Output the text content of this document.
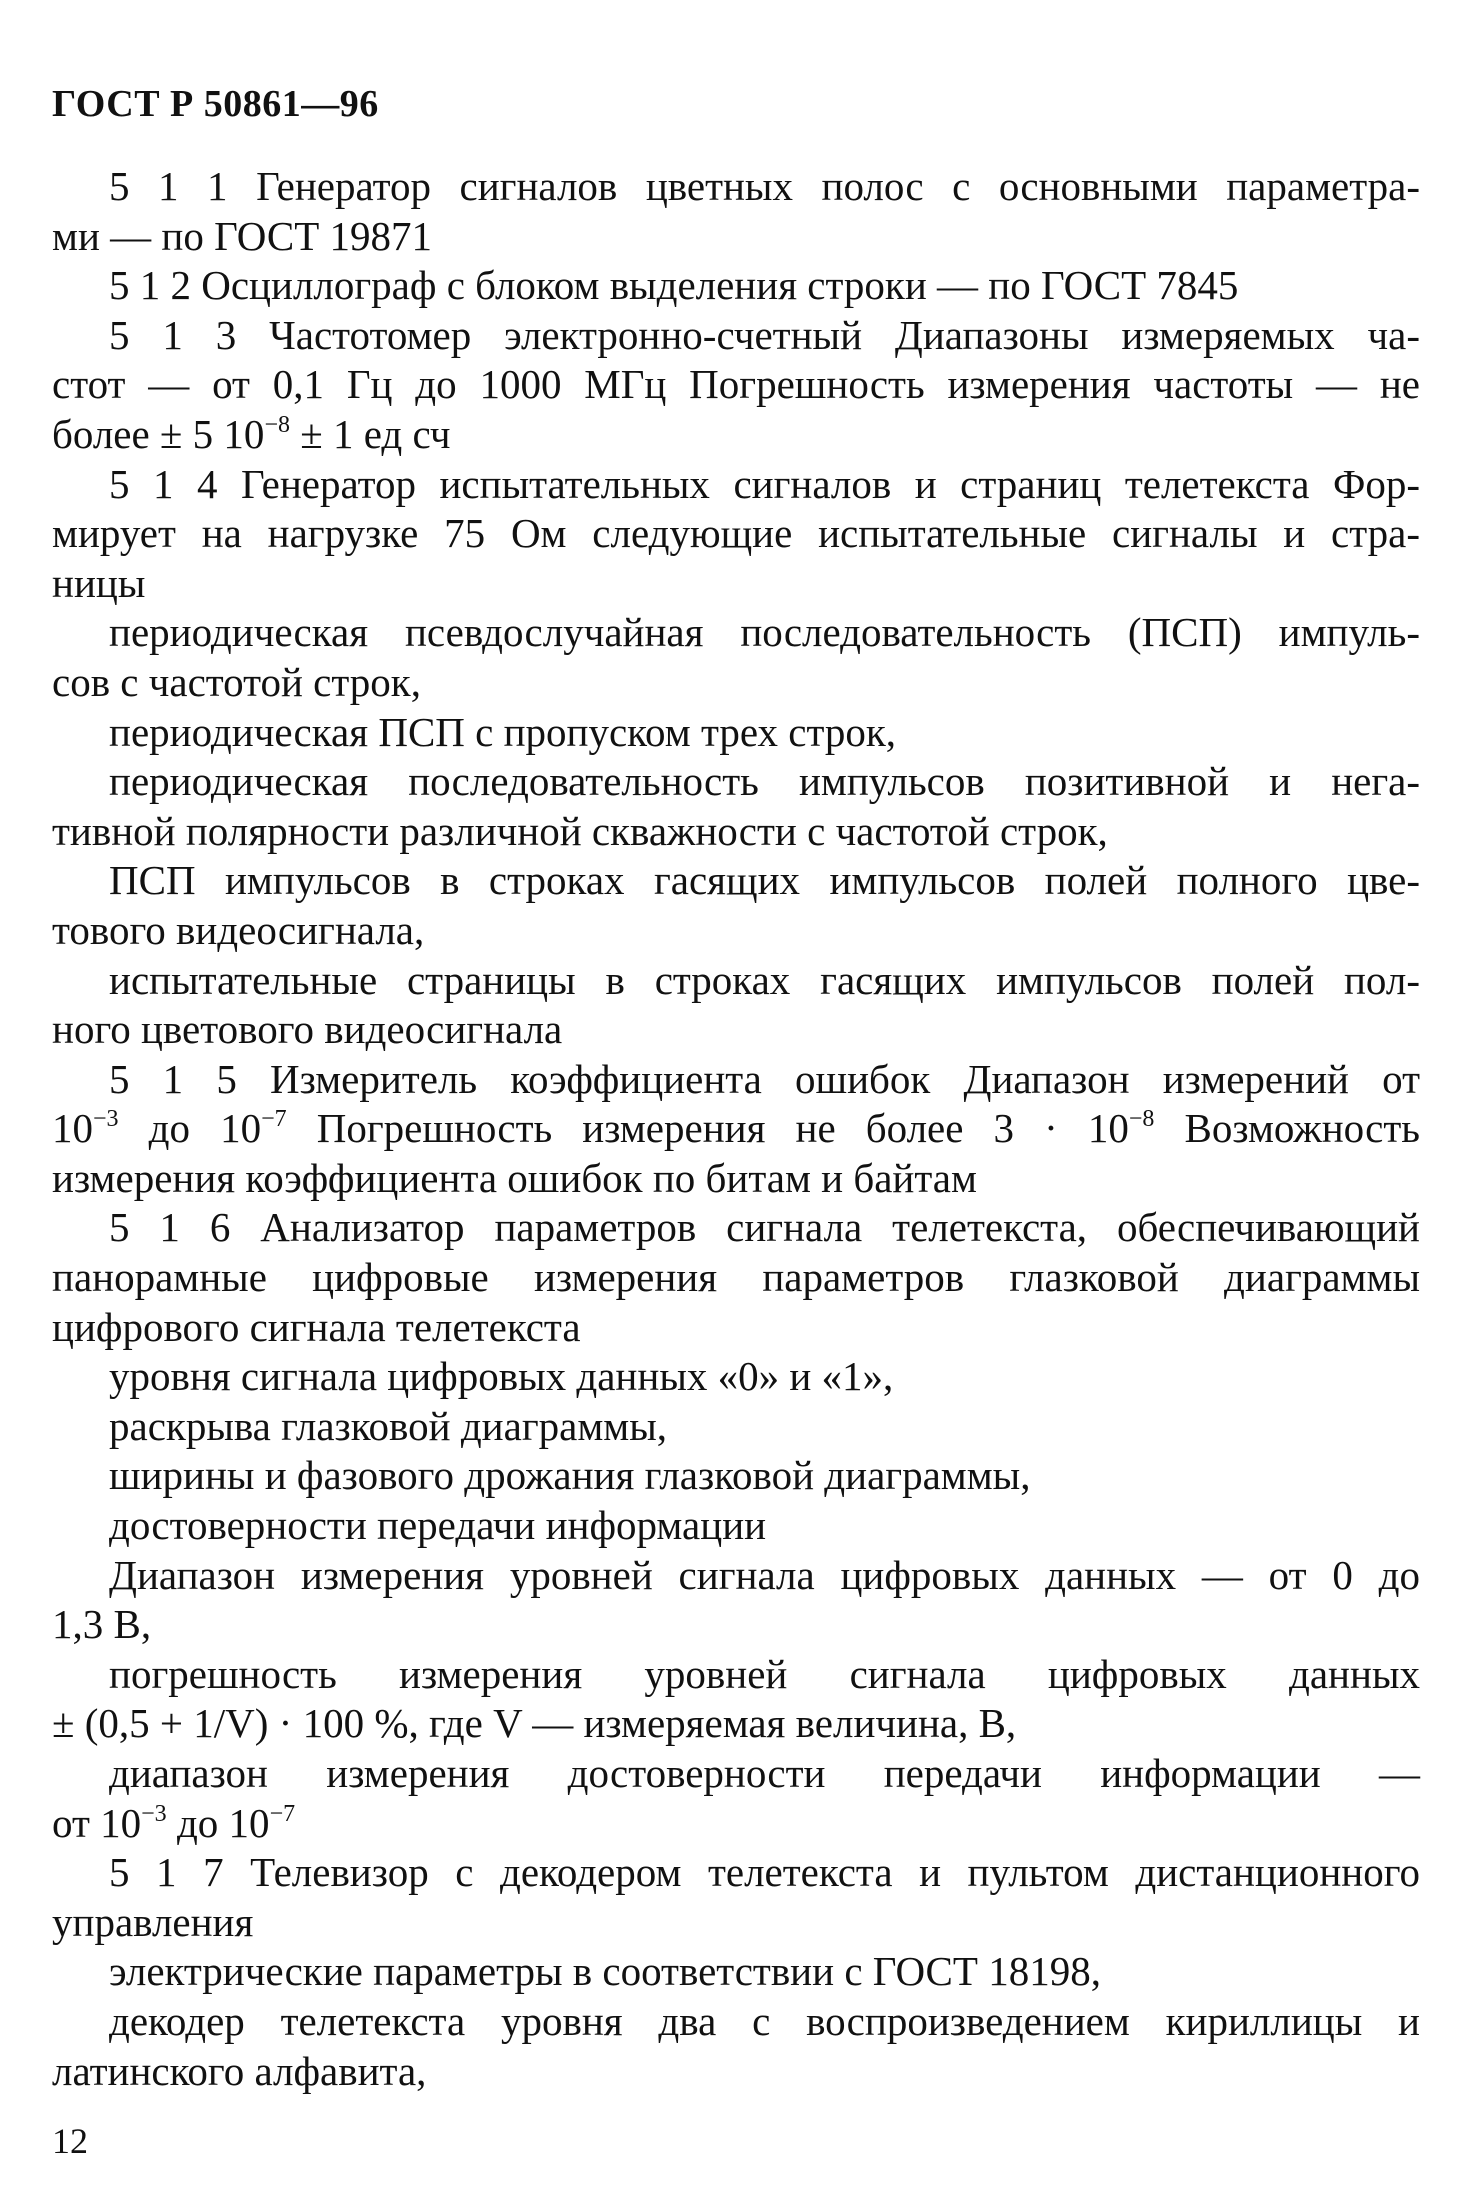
ГОСТ Р 50861—96
5 1 1 Генератор сигналов цветных полос с основными параметра-
ми — по ГОСТ 19871
5 1 2 Осциллограф с блоком выделения строки — по ГОСТ 7845
5 1 3 Частотомер электронно-счетный Диапазоны измеряемых ча-
стот — от 0,1 Гц до 1000 МГц Погрешность измерения частоты — не
более ± 5 $10^{-8} \pm 1$ ед сч
5 1 4 Генератор испытательных сигналов и страниц телетекста Фор-
мирует на нагрузке 75 Ом следующие испытательные сигналы и стра-
ницы
периодическая псевдослучайная последовательность (ПСП) импуль-
сов с частотой строк,
периодическая ПСП с пропуском трех строк,
периодическая последовательность импульсов позитивной и нега-
тивной полярности различной скважности с частотой строк,
ПСП импульсов в строках гасящих импульсов полей полного цве-
тового видеосигнала,
испытательные страницы в строках гасящих импульсов полей пол-
ного цветового видеосигнала
5 1 5 Измеритель коэффициента ошибок Диапазон измерений от
$10^{-3}$ до $10^{-7}$ Погрешность измерения не более $3 \cdot 10^{-8}$ Возможность
измерения коэффициента ошибок по битам и байтам
5 1 6 Анализатор параметров сигнала телетекста, обеспечивающий
панорамные цифровые измерения параметров глазковой диаграммы
цифрового сигнала телетекста
уровня сигнала цифровых данных «0» и «1»,
раскрыва глазковой диаграммы,
ширины и фазового дрожания глазковой диаграммы,
достоверности передачи информации
Диапазон измерения уровней сигнала цифровых данных — от 0 до
1,3 В,
погрешность измерения уровней сигнала цифровых данных
± (0,5 + 1/V) · 100 %, где V — измеряемая величина, В,
диапазон измерения достоверности передачи информации —
от $10^{-3}$ до $10^{-7}$
5 1 7 Телевизор с декодером телетекста и пультом дистанционного
управления
электрические параметры в соответствии с ГОСТ 18198,
декодер телетекста уровня два с воспроизведением кириллицы и
латинского алфавита,
12
